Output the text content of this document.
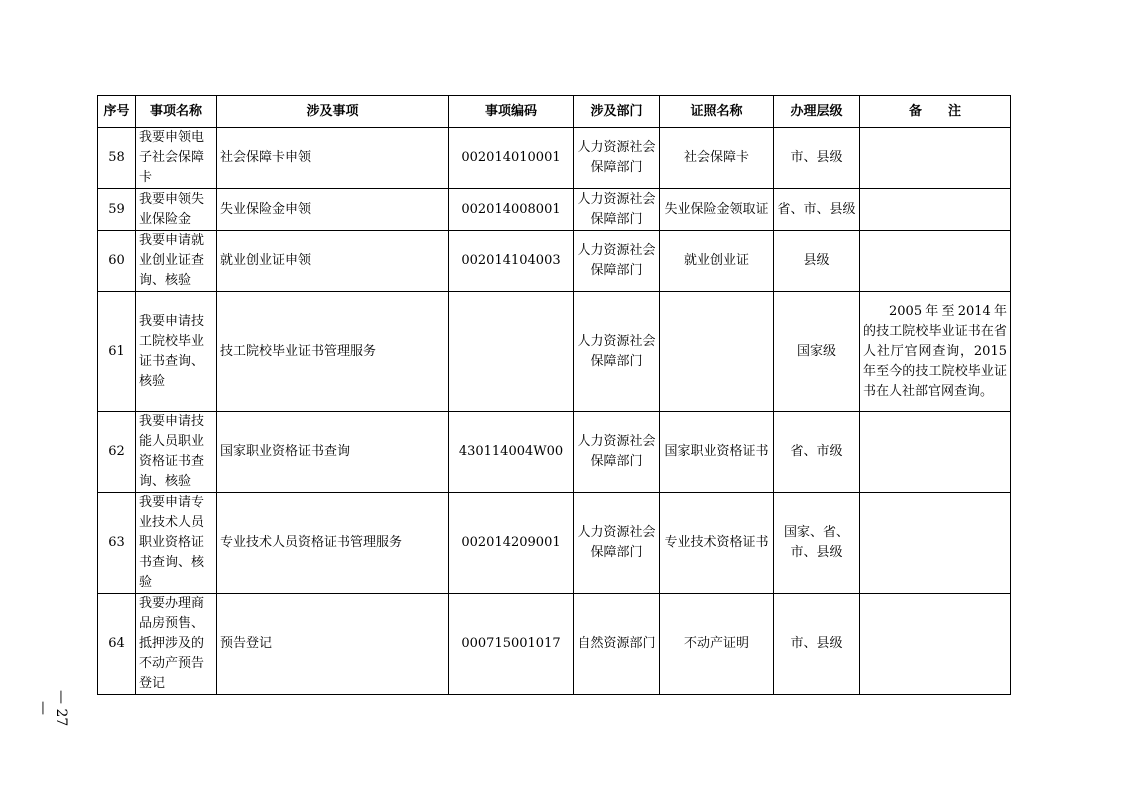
序号	事项名称	涉及事项	事项编码	涉及部门	证照名称	办理层级	备　　注
58	我要申领电子社会保障卡	社会保障卡申领	002014010001	人力资源社会保障部门	社会保障卡	市、县级	
59	我要申领失业保险金	失业保险金申领	002014008001	人力资源社会保障部门	失业保险金领取证	省、市、县级	
60	我要申请就业创业证查询、核验	就业创业证申领	002014104003	人力资源社会保障部门	就业创业证	县级	
61	我要申请技工院校毕业证书查询、核验	技工院校毕业证书管理服务		人力资源社会保障部门		国家级	2005年至2014年的技工院校毕业证书在省人社厅官网查询，2015年至今的技工院校毕业证书在人社部官网查询。
62	我要申请技能人员职业资格证书查询、核验	国家职业资格证书查询	430114004W00	人力资源社会保障部门	国家职业资格证书	省、市级	
63	我要申请专业技术人员职业资格证书查询、核验	专业技术人员资格证书管理服务	002014209001	人力资源社会保障部门	专业技术资格证书	国家、省、市、县级	
64	我要办理商品房预售、抵押涉及的不动产预告登记	预告登记	000715001017	自然资源部门	不动产证明	市、县级	
— 27 —
